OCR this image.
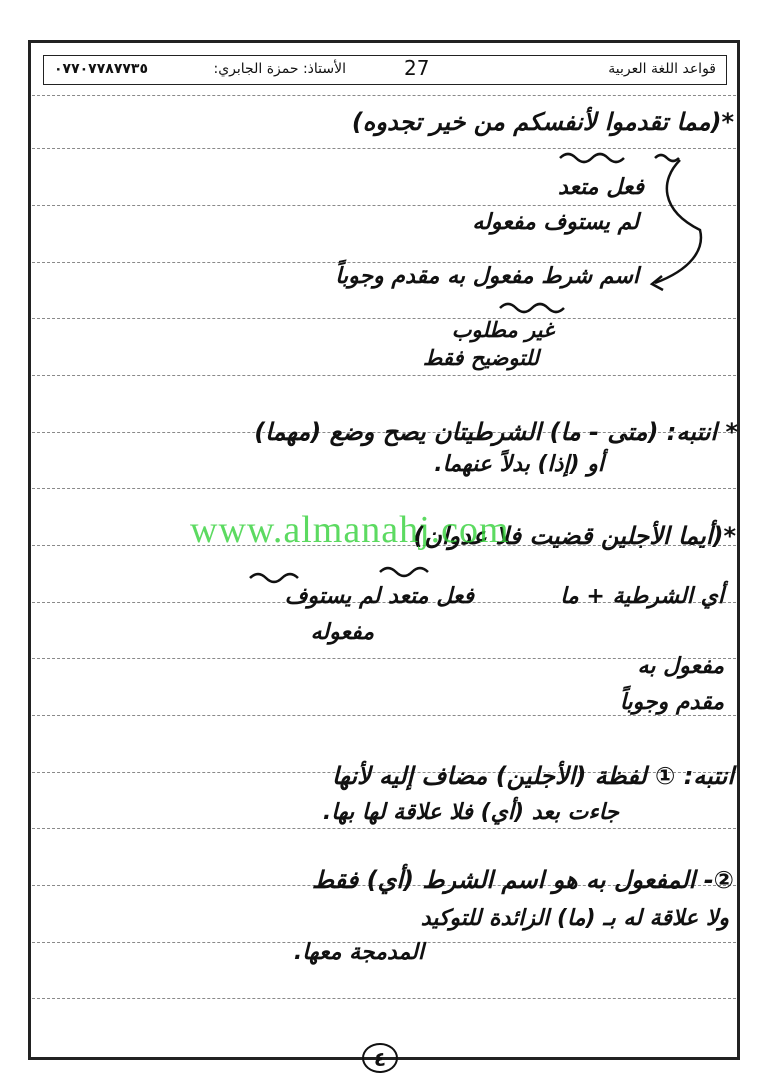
قواعد اللغة العربية
الأستاذ: حمزة الجابري:	27
٠٧٧٠٧٧٨٧٧٣٥
*(مما تقدموا لأنفسكم من خير تجدوه)
فعل متعد
لم يستوف مفعوله
اسم شرط مفعول به مقدم وجوباً
غير مطلوب
للتوضيح فقط
* انتبه: (متى - ما) الشرطيتان يصح وضع (مهما)
أو (إذا) بدلاً عنهما.
*(أيما الأجلين قضيت فلا عدوان)
أي الشرطية + ما
فعل متعد لم يستوف
مفعوله
مفعول به
مقدم وجوباً
انتبه: ① لفظة (الأجلين) مضاف إليه لأنها
جاءت بعد (أي) فلا علاقة لها بها.
②- المفعول به هو اسم الشرط (أي) فقط
ولا علاقة له بـ (ما) الزائدة للتوكيد
المدمجة معها.
www.almanahj.com
٤
